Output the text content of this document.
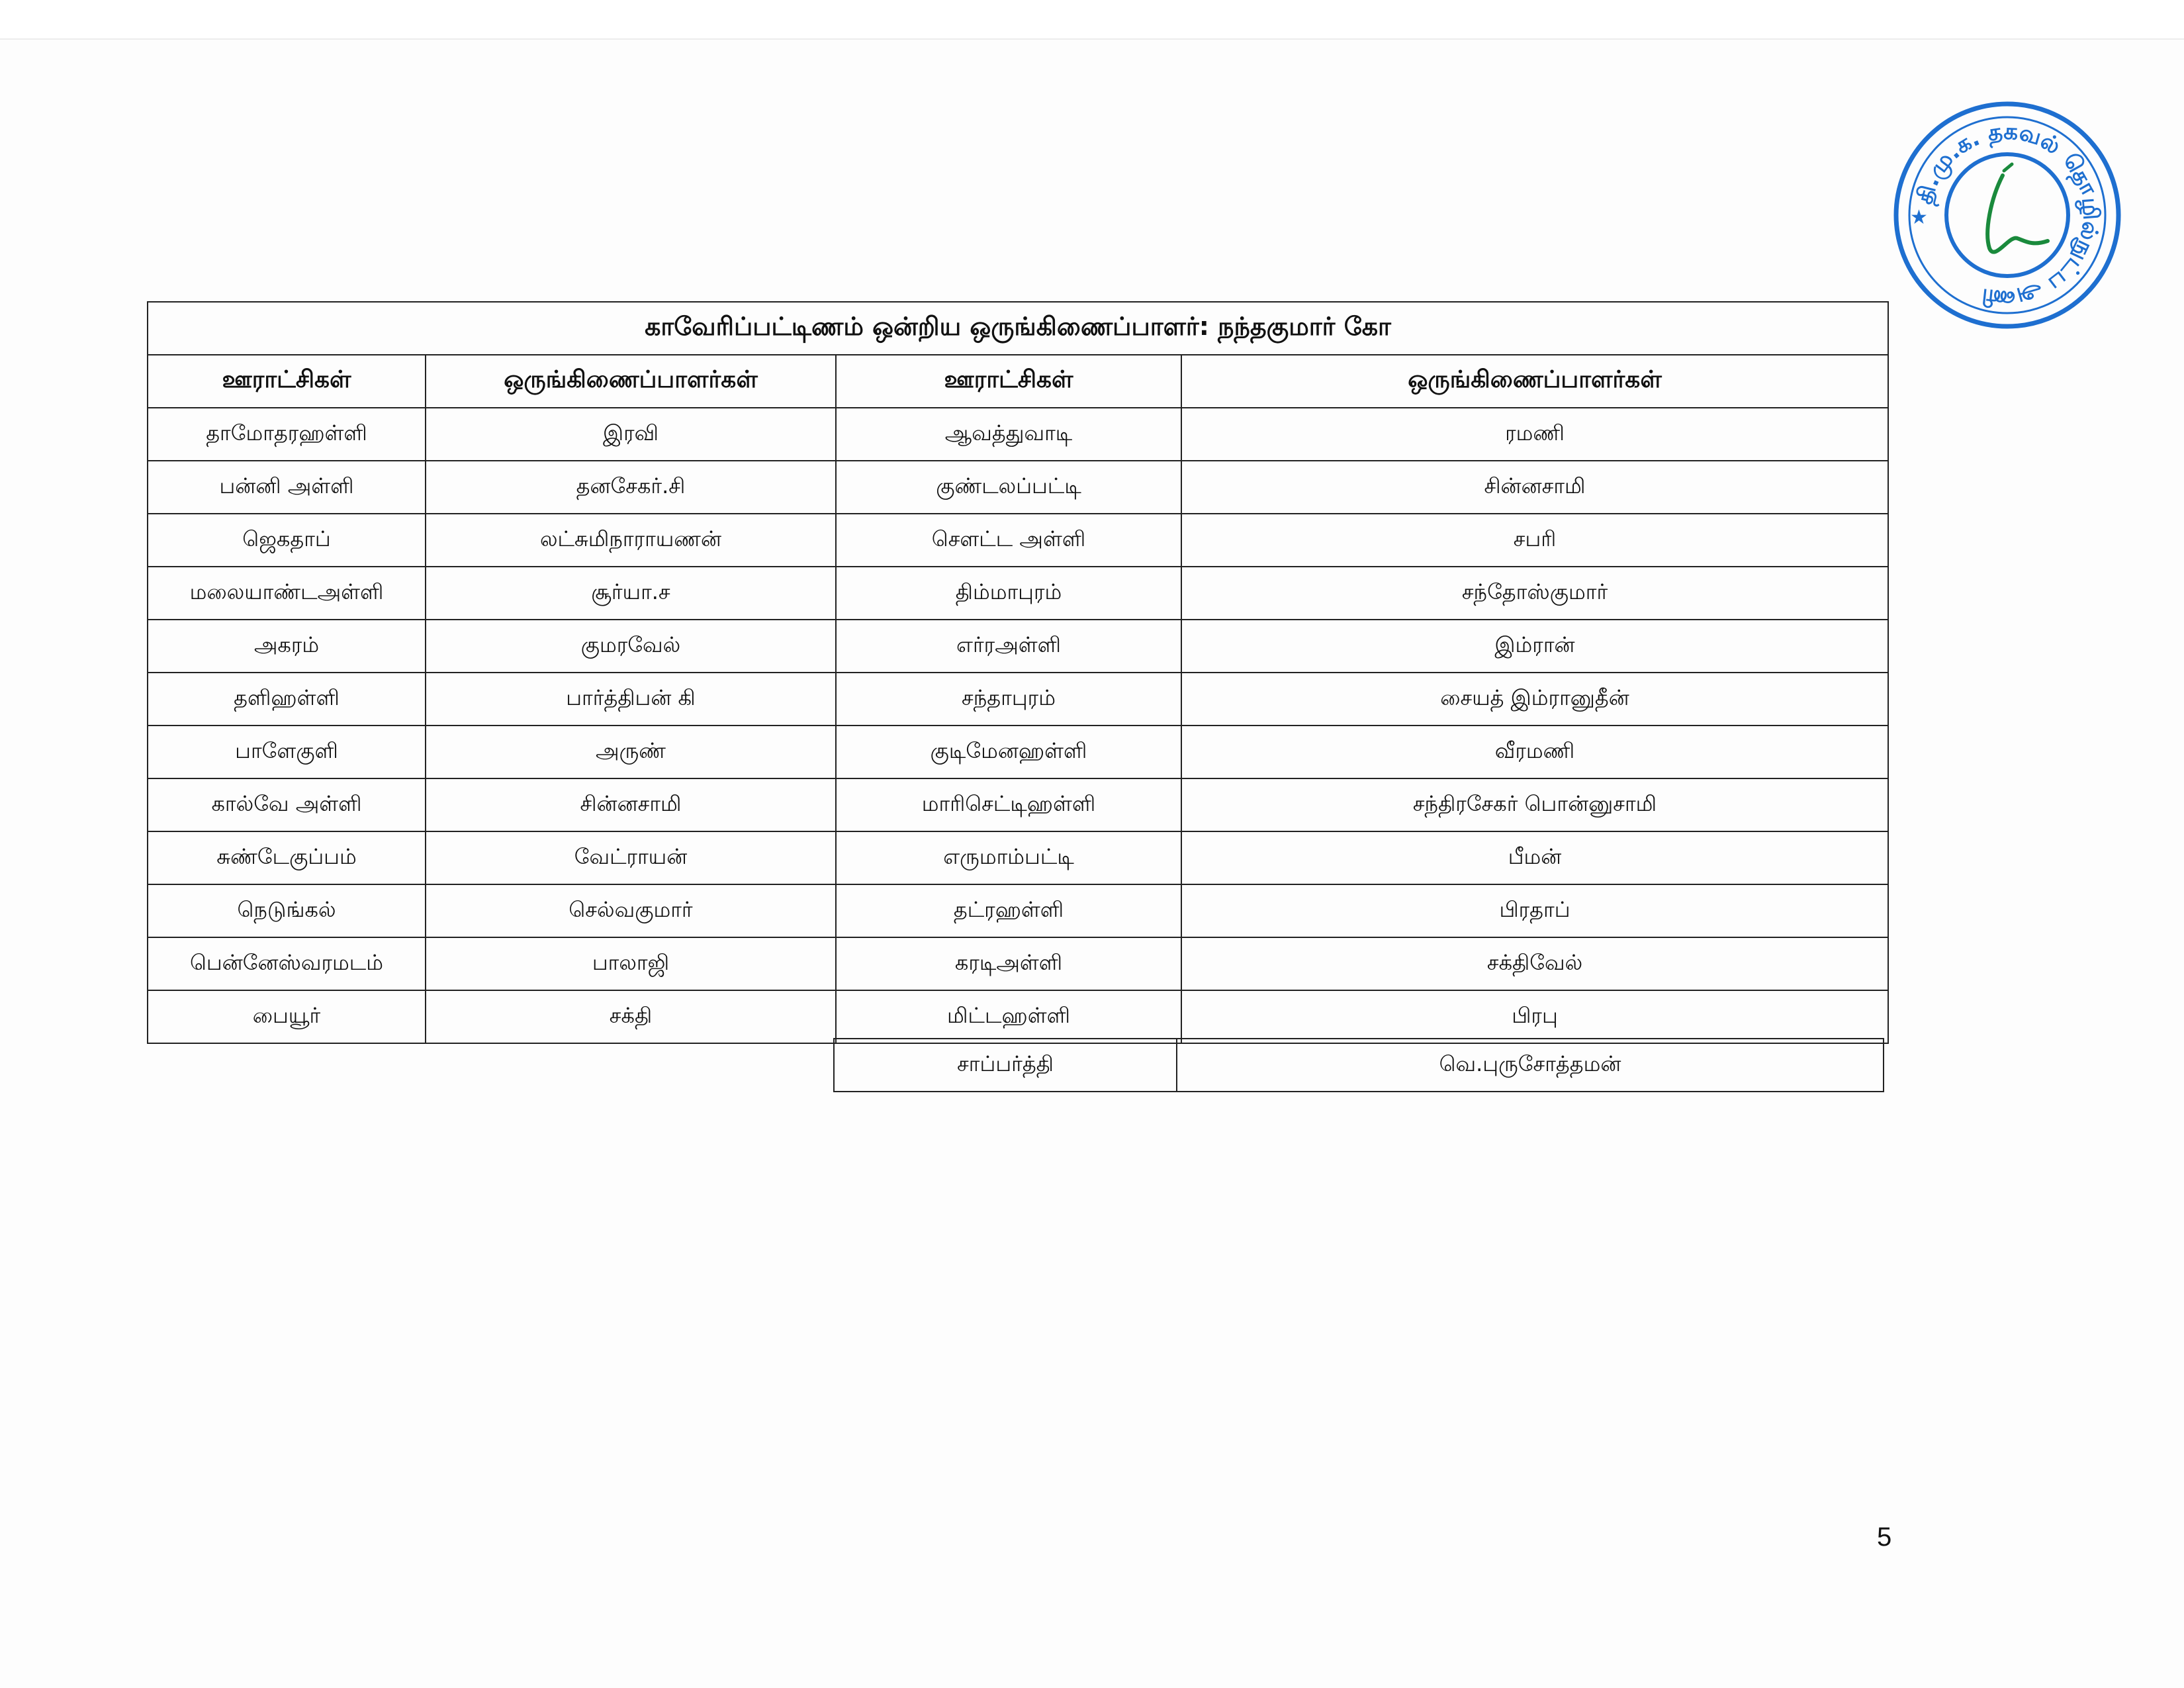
தி.மு.க. தகவல் தொழில்நுட்ப அணி
★
காவேரிப்பட்டிணம் ஒன்றிய ஒருங்கிணைப்பாளர்: நந்தகுமார் கோ
ஊராட்சிகள்	ஒருங்கிணைப்பாளர்கள்	ஊராட்சிகள்	ஒருங்கிணைப்பாளர்கள்
தாமோதரஹள்ளி	இரவி	ஆவத்துவாடி	ரமணி
பன்னி அள்ளி	தனசேகர்.சி	குண்டலப்பட்டி	சின்னசாமி
ஜெகதாப்	லட்சுமிநாராயணன்	சௌட்ட அள்ளி	சபரி
மலையாண்டஅள்ளி	சூர்யா.ச	திம்மாபுரம்	சந்தோஸ்குமார்
அகரம்	குமரவேல்	எர்ரஅள்ளி	இம்ரான்
தளிஹள்ளி	பார்த்திபன் கி	சந்தாபுரம்	சையத் இம்ரானுதீன்
பாளேகுளி	அருண்	குடிமேனஹள்ளி	வீரமணி
கால்வே அள்ளி	சின்னசாமி	மாரிசெட்டிஹள்ளி	சந்திரசேகர் பொன்னுசாமி
சுண்டேகுப்பம்	வேட்ராயன்	எருமாம்பட்டி	பீமன்
நெடுங்கல்	செல்வகுமார்	தட்ரஹள்ளி	பிரதாப்
பென்னேஸ்வரமடம்	பாலாஜி	கரடிஅள்ளி	சக்திவேல்
பையூர்	சக்தி	மிட்டஹள்ளி	பிரபு
சாப்பர்த்தி	வெ.புருசோத்தமன்
5
